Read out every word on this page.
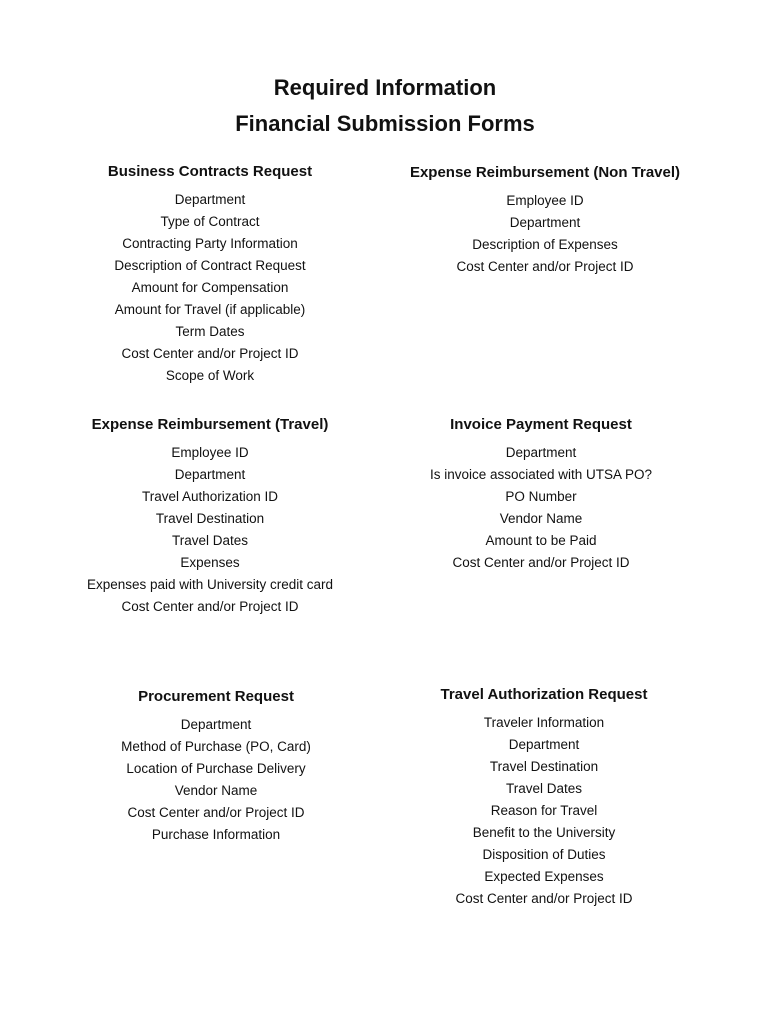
Required Information
Financial Submission Forms
Business Contracts Request
Department
Type of Contract
Contracting Party Information
Description of Contract Request
Amount for Compensation
Amount for Travel (if applicable)
Term Dates
Cost Center and/or Project ID
Scope of Work
Expense Reimbursement (Non Travel)
Employee ID
Department
Description of Expenses
Cost Center and/or Project ID
Expense Reimbursement (Travel)
Employee ID
Department
Travel Authorization ID
Travel Destination
Travel Dates
Expenses
Expenses paid with University credit card
Cost Center and/or Project ID
Invoice Payment Request
Department
Is invoice associated with UTSA PO?
PO Number
Vendor Name
Amount to be Paid
Cost Center and/or Project ID
Procurement Request
Department
Method of Purchase (PO, Card)
Location of Purchase Delivery
Vendor Name
Cost Center and/or Project ID
Purchase Information
Travel Authorization Request
Traveler Information
Department
Travel Destination
Travel Dates
Reason for Travel
Benefit to the University
Disposition of Duties
Expected Expenses
Cost Center and/or Project ID
